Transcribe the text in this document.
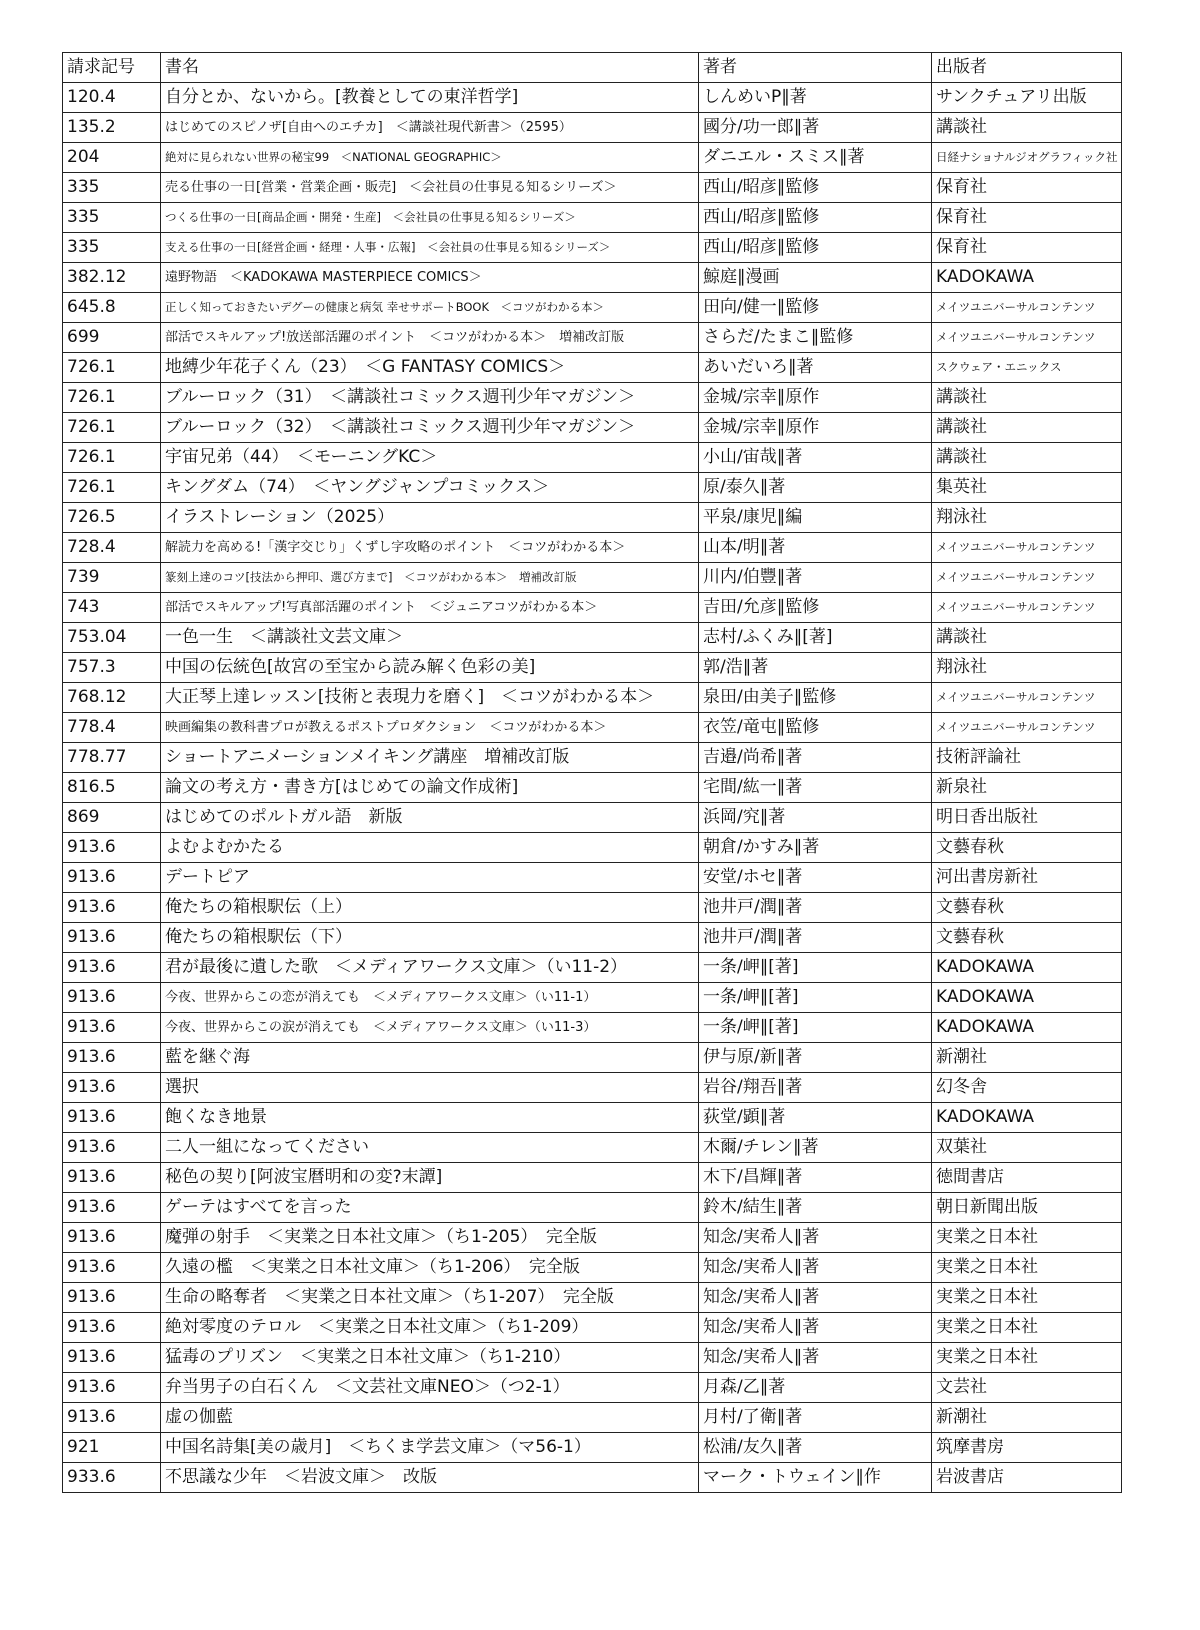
請求記号	書名	著者	出版者
120.4	自分とか、ないから。[教養としての東洋哲学]	しんめいP∥著	サンクチュアリ出版
135.2	はじめてのスピノザ[自由へのエチカ]　＜講談社現代新書＞（2595）	國分/功一郎∥著	講談社
204	絶対に見られない世界の秘宝99　＜NATIONAL GEOGRAPHIC＞	ダニエル・スミス∥著	日経ナショナルジオグラフィック社
335	売る仕事の一日[営業・営業企画・販売]　＜会社員の仕事見る知るシリーズ＞	西山/昭彦∥監修	保育社
335	つくる仕事の一日[商品企画・開発・生産]　＜会社員の仕事見る知るシリーズ＞	西山/昭彦∥監修	保育社
335	支える仕事の一日[経営企画・経理・人事・広報]　＜会社員の仕事見る知るシリーズ＞	西山/昭彦∥監修	保育社
382.12	遠野物語　＜KADOKAWA MASTERPIECE COMICS＞	鯨庭∥漫画	KADOKAWA
645.8	正しく知っておきたいデグーの健康と病気 幸せサポートBOOK　＜コツがわかる本＞	田向/健一∥監修	メイツユニバーサルコンテンツ
699	部活でスキルアップ!放送部活躍のポイント　＜コツがわかる本＞　増補改訂版	さらだ/たまこ∥監修	メイツユニバーサルコンテンツ
726.1	地縛少年花子くん（23）　＜G FANTASY COMICS＞	あいだいろ∥著	スクウェア・エニックス
726.1	ブルーロック（31）　＜講談社コミックス週刊少年マガジン＞	金城/宗幸∥原作	講談社
726.1	ブルーロック（32）　＜講談社コミックス週刊少年マガジン＞	金城/宗幸∥原作	講談社
726.1	宇宙兄弟（44）　＜モーニングKC＞	小山/宙哉∥著	講談社
726.1	キングダム（74）　＜ヤングジャンプコミックス＞	原/泰久∥著	集英社
726.5	イラストレーション（2025）	平泉/康児∥編	翔泳社
728.4	解読力を高める!「漢字交じり」くずし字攻略のポイント　＜コツがわかる本＞	山本/明∥著	メイツユニバーサルコンテンツ
739	篆刻上達のコツ[技法から押印、選び方まで]　＜コツがわかる本＞　増補改訂版	川内/伯豐∥著	メイツユニバーサルコンテンツ
743	部活でスキルアップ!写真部活躍のポイント　＜ジュニアコツがわかる本＞	吉田/允彦∥監修	メイツユニバーサルコンテンツ
753.04	一色一生　＜講談社文芸文庫＞	志村/ふくみ∥[著]	講談社
757.3	中国の伝統色[故宮の至宝から読み解く色彩の美]	郭/浩∥著	翔泳社
768.12	大正琴上達レッスン[技術と表現力を磨く]　＜コツがわかる本＞	泉田/由美子∥監修	メイツユニバーサルコンテンツ
778.4	映画編集の教科書プロが教えるポストプロダクション　＜コツがわかる本＞	衣笠/竜屯∥監修	メイツユニバーサルコンテンツ
778.77	ショートアニメーションメイキング講座　増補改訂版	吉邉/尚希∥著	技術評論社
816.5	論文の考え方・書き方[はじめての論文作成術]	宅間/紘一∥著	新泉社
869	はじめてのポルトガル語　新版	浜岡/究∥著	明日香出版社
913.6	よむよむかたる	朝倉/かすみ∥著	文藝春秋
913.6	デートピア	安堂/ホセ∥著	河出書房新社
913.6	俺たちの箱根駅伝（上）	池井戸/潤∥著	文藝春秋
913.6	俺たちの箱根駅伝（下）	池井戸/潤∥著	文藝春秋
913.6	君が最後に遺した歌　＜メディアワークス文庫＞（い11-2）	一条/岬∥[著]	KADOKAWA
913.6	今夜、世界からこの恋が消えても　＜メディアワークス文庫＞（い11-1）	一条/岬∥[著]	KADOKAWA
913.6	今夜、世界からこの涙が消えても　＜メディアワークス文庫＞（い11-3）	一条/岬∥[著]	KADOKAWA
913.6	藍を継ぐ海	伊与原/新∥著	新潮社
913.6	選択	岩谷/翔吾∥著	幻冬舎
913.6	飽くなき地景	荻堂/顕∥著	KADOKAWA
913.6	二人一組になってください	木爾/チレン∥著	双葉社
913.6	秘色の契り[阿波宝暦明和の変?末譚]	木下/昌輝∥著	徳間書店
913.6	ゲーテはすべてを言った	鈴木/結生∥著	朝日新聞出版
913.6	魔弾の射手　＜実業之日本社文庫＞（ち1-205）　完全版	知念/実希人∥著	実業之日本社
913.6	久遠の檻　＜実業之日本社文庫＞（ち1-206）　完全版	知念/実希人∥著	実業之日本社
913.6	生命の略奪者　＜実業之日本社文庫＞（ち1-207）　完全版	知念/実希人∥著	実業之日本社
913.6	絶対零度のテロル　＜実業之日本社文庫＞（ち1-209）	知念/実希人∥著	実業之日本社
913.6	猛毒のプリズン　＜実業之日本社文庫＞（ち1-210）	知念/実希人∥著	実業之日本社
913.6	弁当男子の白石くん　＜文芸社文庫NEO＞（つ2-1）	月森/乙∥著	文芸社
913.6	虚の伽藍	月村/了衛∥著	新潮社
921	中国名詩集[美の歳月]　＜ちくま学芸文庫＞（マ56-1）	松浦/友久∥著	筑摩書房
933.6	不思議な少年　＜岩波文庫＞　改版	マーク・トウェイン∥作	岩波書店
